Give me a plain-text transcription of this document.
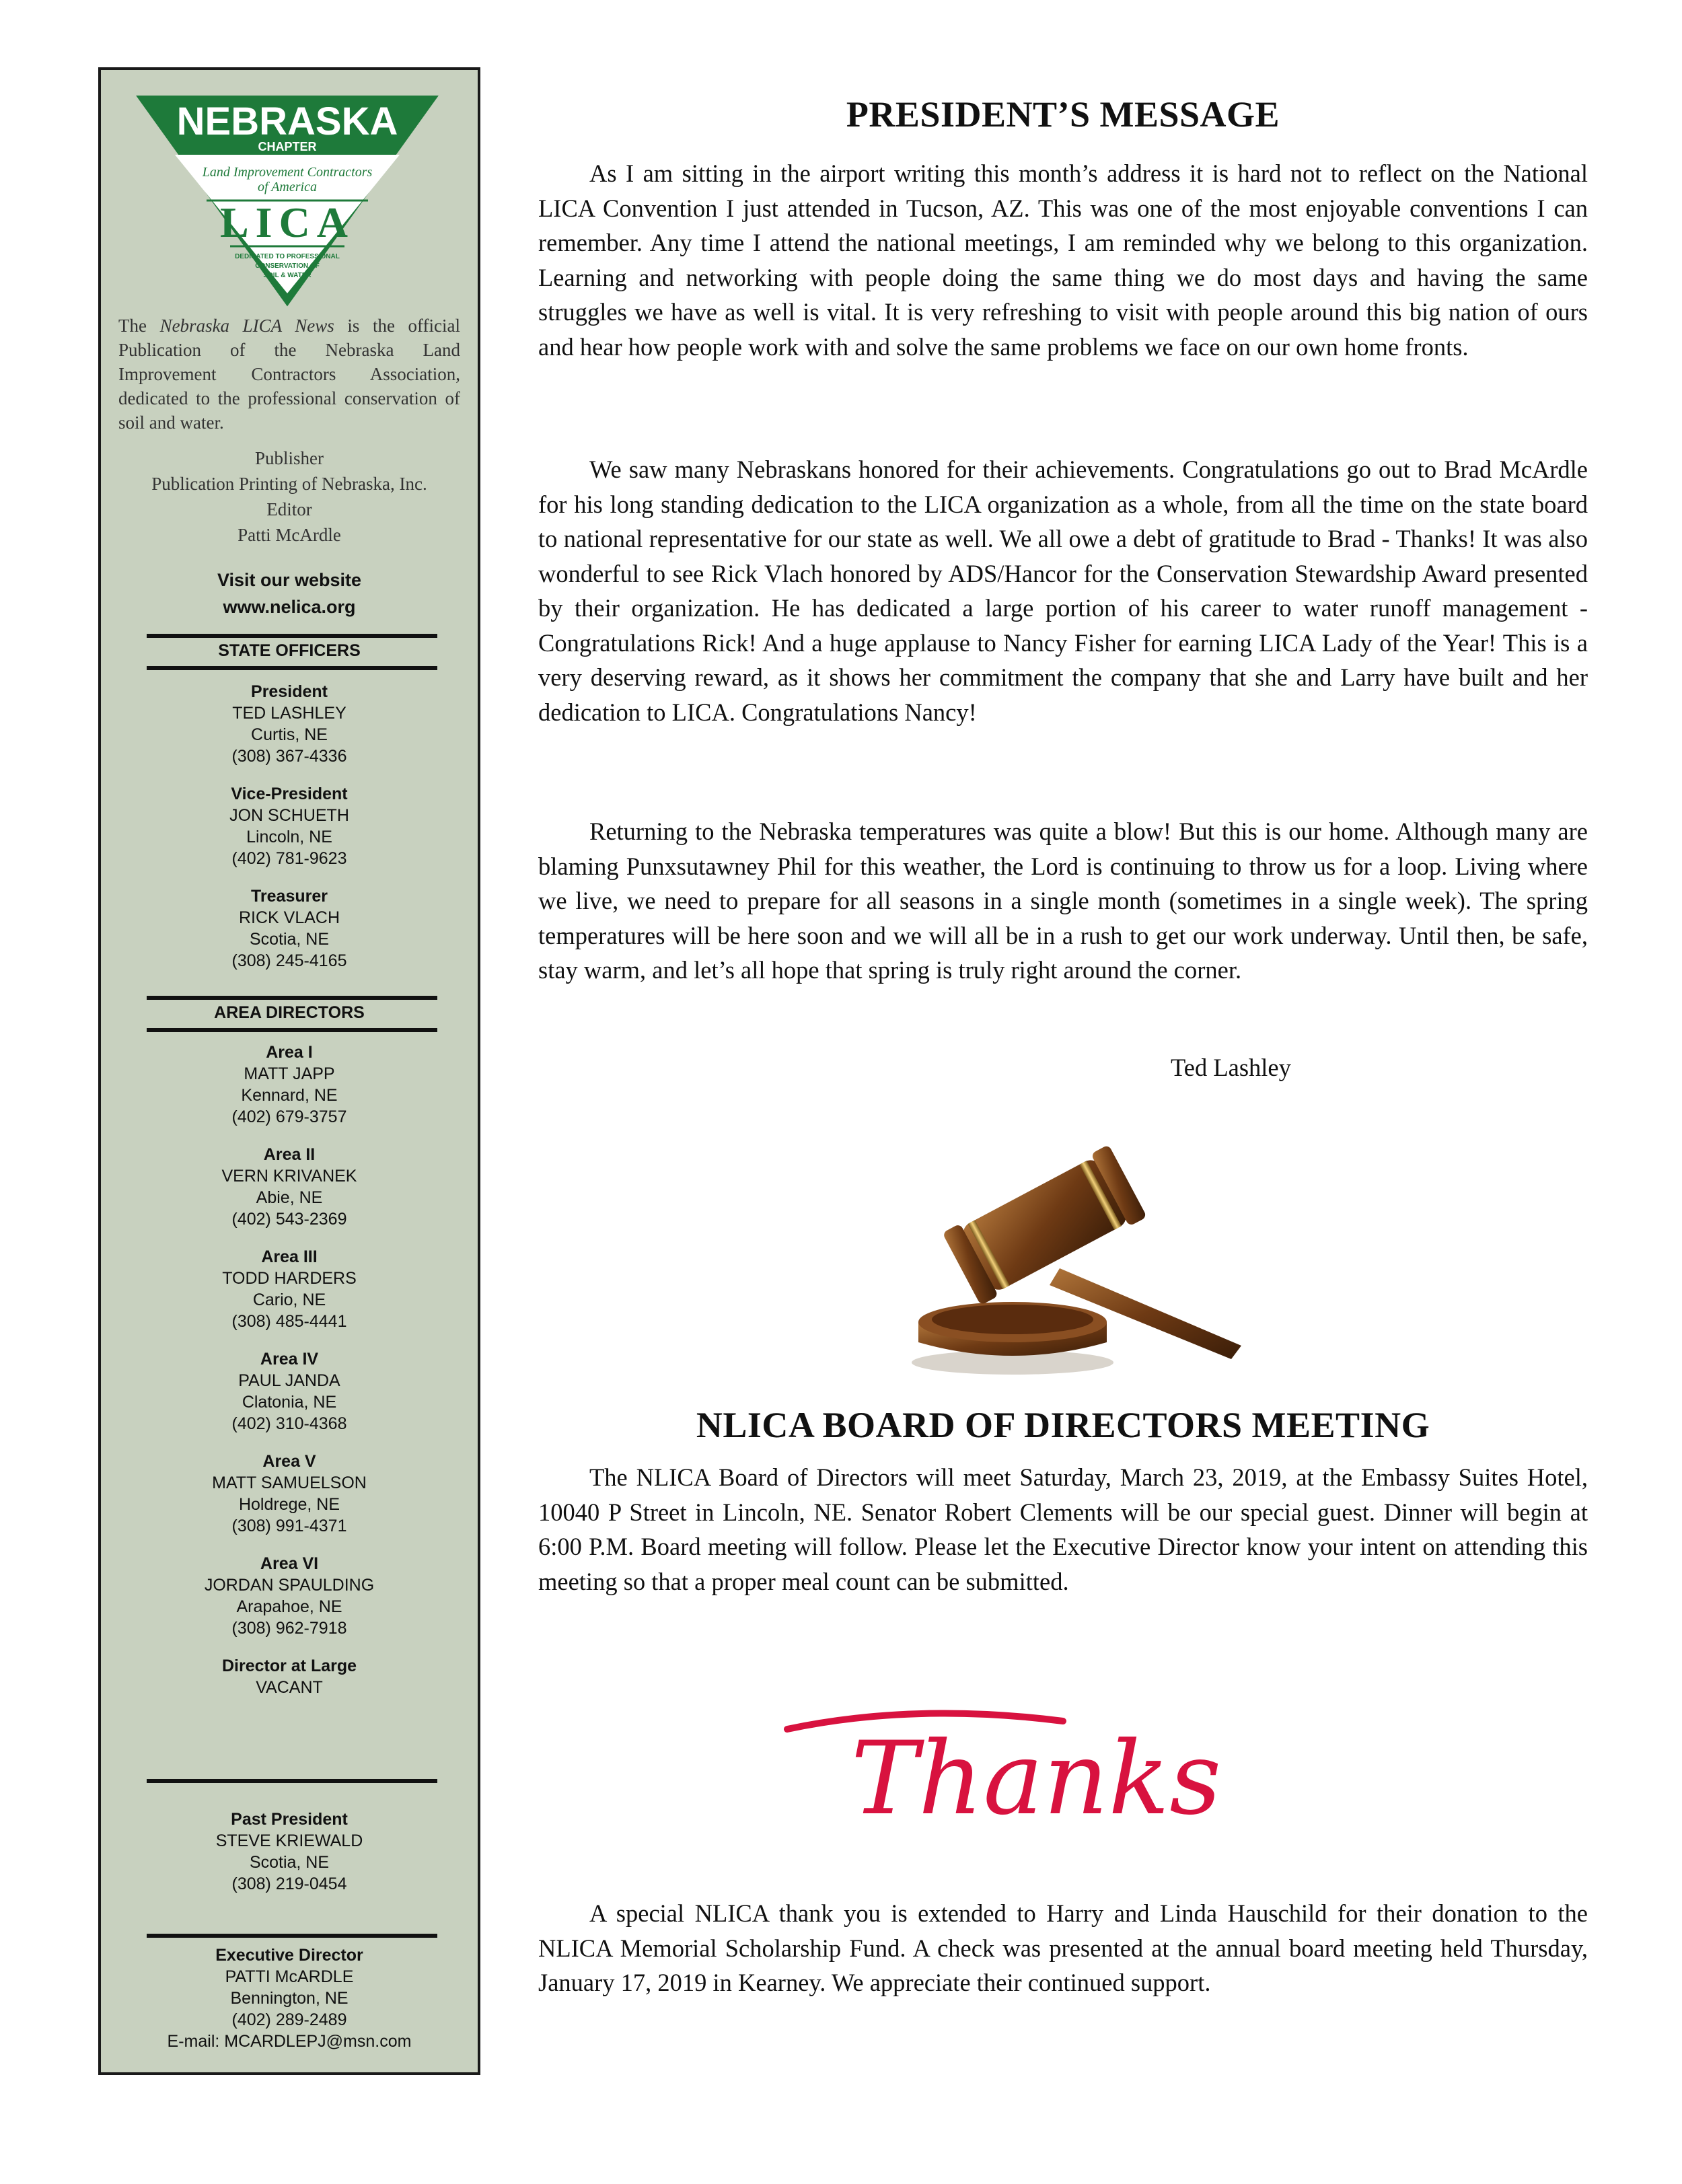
NEBRASKA
CHAPTER
Land Improvement Contractors
of America
LICA
DEDICATED TO PROFESSIONAL
CONSERVATION OF
SOIL & WATER
The Nebraska LICA News is the official Publication of the Nebraska Land Improvement Contractors Association, dedicated to the professional conservation of soil and water.
Publisher
Publication Printing of Nebraska, Inc.
Editor
Patti McArdle
Visit our website
www.nelica.org
STATE OFFICERS
President
TED LASHLEY
Curtis, NE
(308) 367-4336
Vice-President
JON SCHUETH
Lincoln, NE
(402) 781-9623
Treasurer
RICK VLACH
Scotia, NE
(308) 245-4165
AREA DIRECTORS
Area I
MATT JAPP
Kennard, NE
(402) 679-3757
Area II
VERN KRIVANEK
Abie, NE
(402) 543-2369
Area III
TODD HARDERS
Cario, NE
(308) 485-4441
Area IV
PAUL JANDA
Clatonia, NE
(402) 310-4368
Area V
MATT SAMUELSON
Holdrege, NE
(308) 991-4371
Area VI
JORDAN SPAULDING
Arapahoe, NE
(308) 962-7918
Director at Large
VACANT
Past President
STEVE KRIEWALD
Scotia, NE
(308) 219-0454
Executive Director
PATTI McARDLE
Bennington, NE
(402) 289-2489
E-mail: MCARDLEPJ@msn.com
PRESIDENT’S MESSAGE

As I am sitting in the airport writing this month’s address it is hard not to reflect on the National LICA Convention I just attended in Tucson, AZ. This was one of the most enjoyable conventions I can remember. Any time I attend the national meetings, I am reminded why we belong to this organization. Learning and networking with people doing the same thing we do most days and having the same struggles we have as well is vital. It is very refreshing to visit with people around this big nation of ours and hear how people work with and solve the same problems we face on our own home fronts.

We saw many Nebraskans honored for their achievements. Congratulations go out to Brad McArdle for his long standing dedication to the LICA organization as a whole, from all the time on the state board to national representative for our state as well. We all owe a debt of gratitude to Brad - Thanks! It was also wonderful to see Rick Vlach honored by ADS/Hancor for the Conservation Stewardship Award presented by their organization. He has dedicated a large portion of his career to water runoff management - Congratulations Rick! And a huge applause to Nancy Fisher for earning LICA Lady of the Year! This is a very deserving reward, as it shows her commitment the company that she and Larry have built and her dedication to LICA. Congratulations Nancy!

Returning to the Nebraska temperatures was quite a blow! But this is our home. Although many are blaming Punxsutawney Phil for this weather, the Lord is continuing to throw us for a loop. Living where we live, we need to prepare for all seasons in a single month (sometimes in a single week). The spring temperatures will be here soon and we will all be in a rush to get our work underway. Until then, be safe, stay warm, and let’s all hope that spring is truly right around the corner.

Ted Lashley
NLICA BOARD OF DIRECTORS MEETING

The NLICA Board of Directors will meet Saturday, March 23, 2019, at the Embassy Suites Hotel, 10040 P Street in Lincoln, NE. Senator Robert Clements will be our special guest. Dinner will begin at 6:00 P.M. Board meeting will follow. Please let the Executive Director know your intent on attending this meeting so that a proper meal count can be submitted.

A special NLICA thank you is extended to Harry and Linda Hauschild for their donation to the NLICA Memorial Scholarship Fund. A check was presented at the annual board meeting held Thursday, January 17, 2019 in Kearney. We appreciate their continued support.

Thanks
